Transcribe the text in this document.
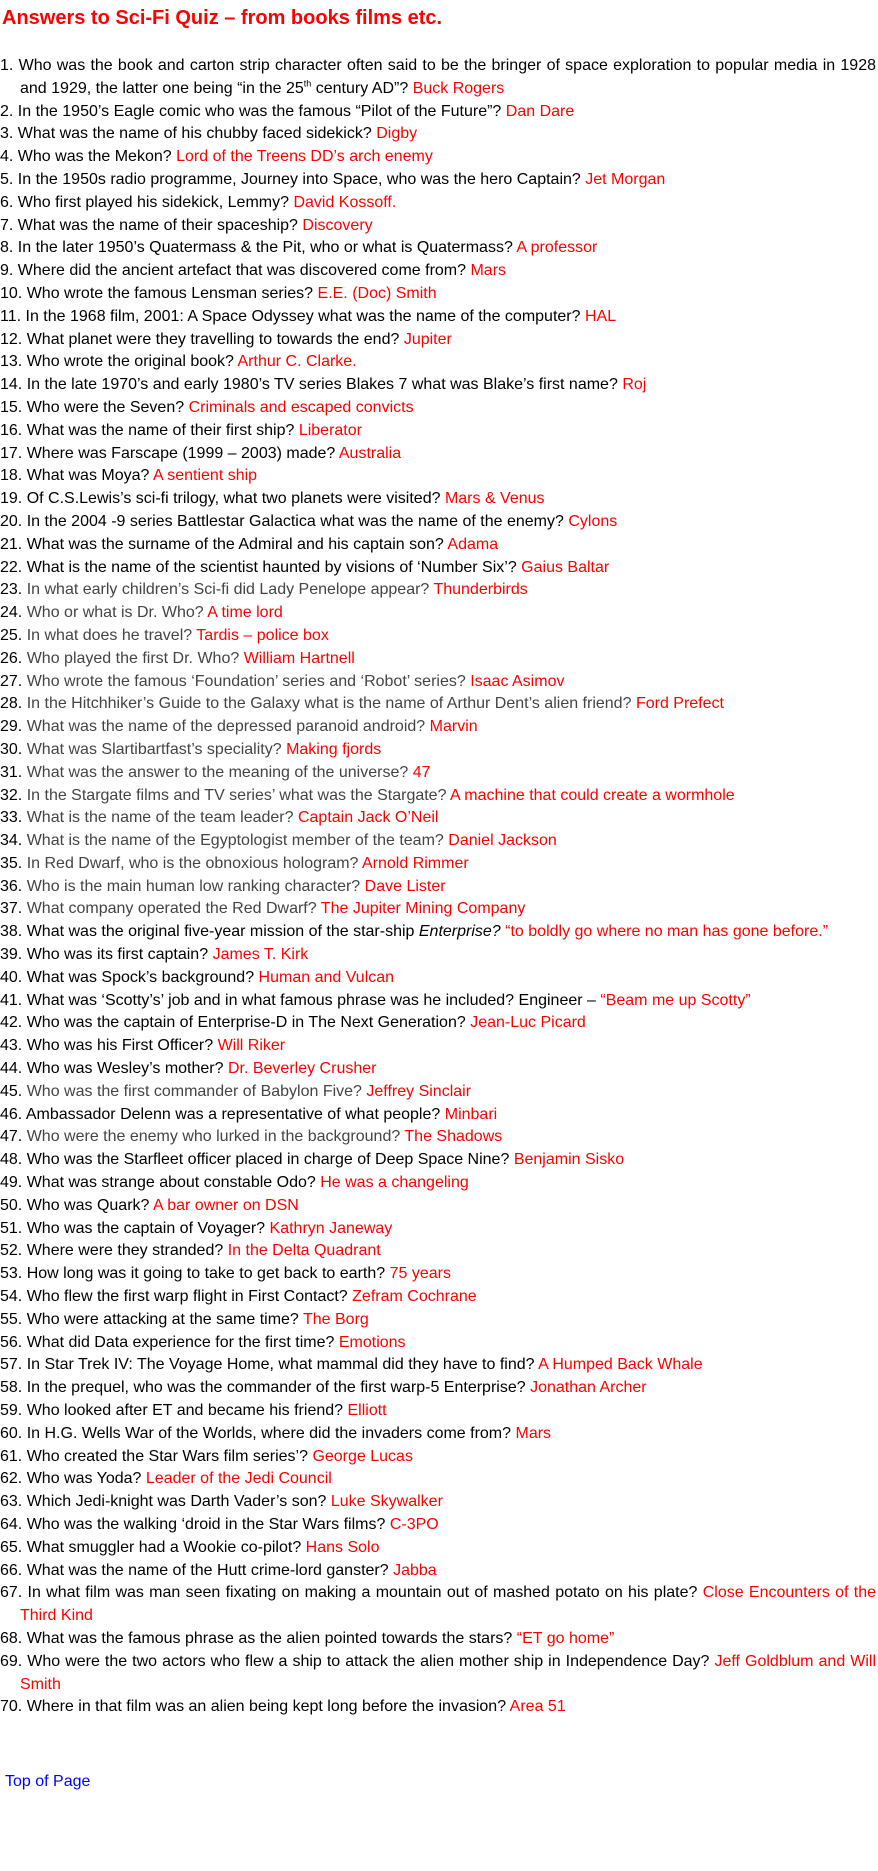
Answers to Sci-Fi Quiz – from books films etc.
1. Who was the book and carton strip character often said to be the bringer of space exploration to popular media in 1928 and 1929, the latter one being “in the 25th century AD”? Buck Rogers
2. In the 1950’s Eagle comic who was the famous “Pilot of the Future”? Dan Dare
3. What was the name of his chubby faced sidekick? Digby
4. Who was the Mekon? Lord of the Treens DD’s arch enemy
5. In the 1950s radio programme, Journey into Space, who was the hero Captain? Jet Morgan
6. Who first played his sidekick, Lemmy? David Kossoff.
7. What was the name of their spaceship? Discovery
8. In the later 1950’s Quatermass & the Pit, who or what is Quatermass? A professor
9. Where did the ancient artefact that was discovered come from? Mars
10. Who wrote the famous Lensman series? E.E. (Doc) Smith
11. In the 1968 film, 2001: A Space Odyssey what was the name of the computer? HAL
12. What planet were they travelling to towards the end? Jupiter
13. Who wrote the original book? Arthur C. Clarke.
14. In the late 1970’s and early 1980’s TV series Blakes 7 what was Blake’s first name? Roj
15. Who were the Seven? Criminals and escaped convicts
16. What was the name of their first ship? Liberator
17. Where was Farscape (1999 – 2003) made? Australia
18. What was Moya? A sentient ship
19. Of C.S.Lewis’s sci-fi trilogy, what two planets were visited? Mars & Venus
20. In the 2004 -9 series Battlestar Galactica what was the name of the enemy? Cylons
21. What was the surname of the Admiral and his captain son? Adama
22. What is the name of the scientist haunted by visions of ‘Number Six’? Gaius Baltar
23. In what early children’s Sci-fi did Lady Penelope appear? Thunderbirds
24. Who or what is Dr. Who? A time lord
25. In what does he travel? Tardis – police box
26. Who played the first Dr. Who? William Hartnell
27. Who wrote the famous ‘Foundation’ series and ‘Robot’ series? Isaac Asimov
28. In the Hitchhiker’s Guide to the Galaxy what is the name of Arthur Dent’s alien friend? Ford Prefect
29. What was the name of the depressed paranoid android? Marvin
30. What was Slartibartfast’s speciality? Making fjords
31. What was the answer to the meaning of the universe? 47
32. In the Stargate films and TV series’ what was the Stargate? A machine that could create a wormhole
33. What is the name of the team leader? Captain Jack O’Neil
34. What is the name of the Egyptologist member of the team? Daniel Jackson
35. In Red Dwarf, who is the obnoxious hologram? Arnold Rimmer
36. Who is the main human low ranking character? Dave Lister
37. What company operated the Red Dwarf? The Jupiter Mining Company
38. What was the original five-year mission of the star-ship Enterprise? “to boldly go where no man has gone before.”
39. Who was its first captain? James T. Kirk
40. What was Spock’s background? Human and Vulcan
41. What was ‘Scotty’s’ job and in what famous phrase was he included? Engineer – “Beam me up Scotty”
42. Who was the captain of Enterprise-D in The Next Generation? Jean-Luc Picard
43. Who was his First Officer? Will Riker
44. Who was Wesley’s mother? Dr. Beverley Crusher
45. Who was the first commander of Babylon Five? Jeffrey Sinclair
46. Ambassador Delenn was a representative of what people? Minbari
47. Who were the enemy who lurked in the background? The Shadows
48. Who was the Starfleet officer placed in charge of Deep Space Nine? Benjamin Sisko
49. What was strange about constable Odo? He was a changeling
50. Who was Quark? A bar owner on DSN
51. Who was the captain of Voyager? Kathryn Janeway
52. Where were they stranded? In the Delta Quadrant
53. How long was it going to take to get back to earth? 75 years
54. Who flew the first warp flight in First Contact? Zefram Cochrane
55. Who were attacking at the same time? The Borg
56. What did Data experience for the first time? Emotions
57. In Star Trek IV: The Voyage Home, what mammal did they have to find? A Humped Back Whale
58. In the prequel, who was the commander of the first warp-5 Enterprise? Jonathan Archer
59. Who looked after ET and became his friend? Elliott
60. In H.G. Wells War of the Worlds, where did the invaders come from? Mars
61. Who created the Star Wars film series’? George Lucas
62. Who was Yoda? Leader of the Jedi Council
63. Which Jedi-knight was Darth Vader’s son? Luke Skywalker
64. Who was the walking ‘droid in the Star Wars films? C-3PO
65. What smuggler had a Wookie co-pilot? Hans Solo
66. What was the name of the Hutt crime-lord ganster? Jabba
67. In what film was man seen fixating on making a mountain out of mashed potato on his plate? Close Encounters of the Third Kind
68. What was the famous phrase as the alien pointed towards the stars? “ET go home”
69. Who were the two actors who flew a ship to attack the alien mother ship in Independence Day? Jeff Goldblum and Will Smith
70. Where in that film was an alien being kept long before the invasion? Area 51
Top of Page
